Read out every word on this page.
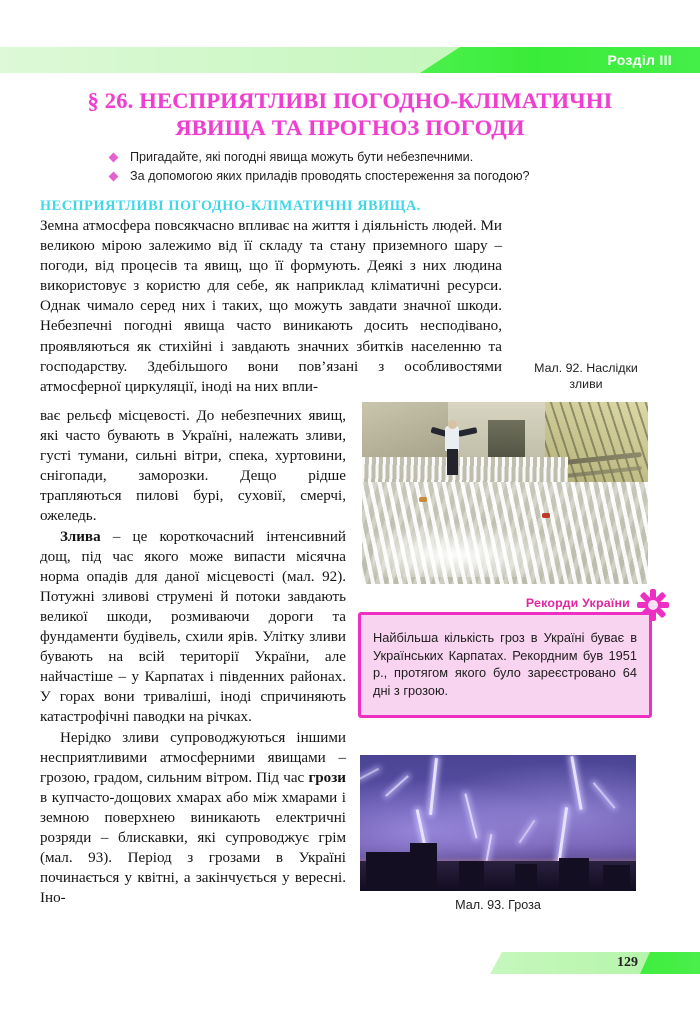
Розділ III
§ 26. НЕСПРИЯТЛИВІ ПОГОДНО-КЛІМАТИЧНІ
ЯВИЩА ТА ПРОГНОЗ ПОГОДИ
Пригадайте, які погодні явища можуть бути небезпечними.
За допомогою яких приладів проводять спостереження за погодою?
НЕСПРИЯТЛИВІ ПОГОДНО-КЛІМАТИЧНІ ЯВИЩА.

Земна атмосфера повсякчасно впливає на життя і діяльність людей. Ми великою мірою залежимо від її складу та стану приземного шару – погоди, від процесів та явищ, що її формують. Деякі з них людина використовує з користю для себе, як наприклад кліматичні ресурси. Однак чимало серед них і таких, що можуть завдати значної шкоди. Небезпечні погодні явища часто виникають досить несподівано, проявляються як стихійні і завдають значних збитків населенню та господарству. Здебільшого вони пов’язані з особливостями атмосферної циркуляції, іноді на них впли-

ває рельєф місцевості. До небезпечних явищ, які часто бувають в Україні, належать зливи, густі тумани, сильні вітри, спека, хуртовини, снігопади, заморозки. Дещо рідше трапляються пилові бурі, суховії, смерчі, ожеледь.

Злива – це короткочасний інтенсивний дощ, під час якого може випасти місячна норма опадів для даної місцевості (мал. 92). Потужні зливові струмені й потоки завдають великої шкоди, розмиваючи дороги та фундаменти будівель, схили ярів. Улітку зливи бувають на всій території України, але найчастіше – у Карпатах і південних районах. У горах вони триваліші, іноді спричиняють катастрофічні паводки на річках.

Нерідко зливи супроводжуються іншими несприятливими атмосферними явищами – грозою, градом, сильним вітром. Під час грози в купчасто-дощових хмарах або між хмарами і земною поверхнею виникають електричні розряди – блискавки, які супроводжує грім (мал. 93). Період з грозами в Україні починається у квітні, а закінчується у вересні. Іно-

Мал. 92. Наслідки
зливи
Рекорди України
Найбільша кількість гроз в Україні буває в Українських Карпатах. Рекордним був 1951 р., протягом якого було зареєстровано 64 дні з грозою.
Мал. 93. Гроза
129
